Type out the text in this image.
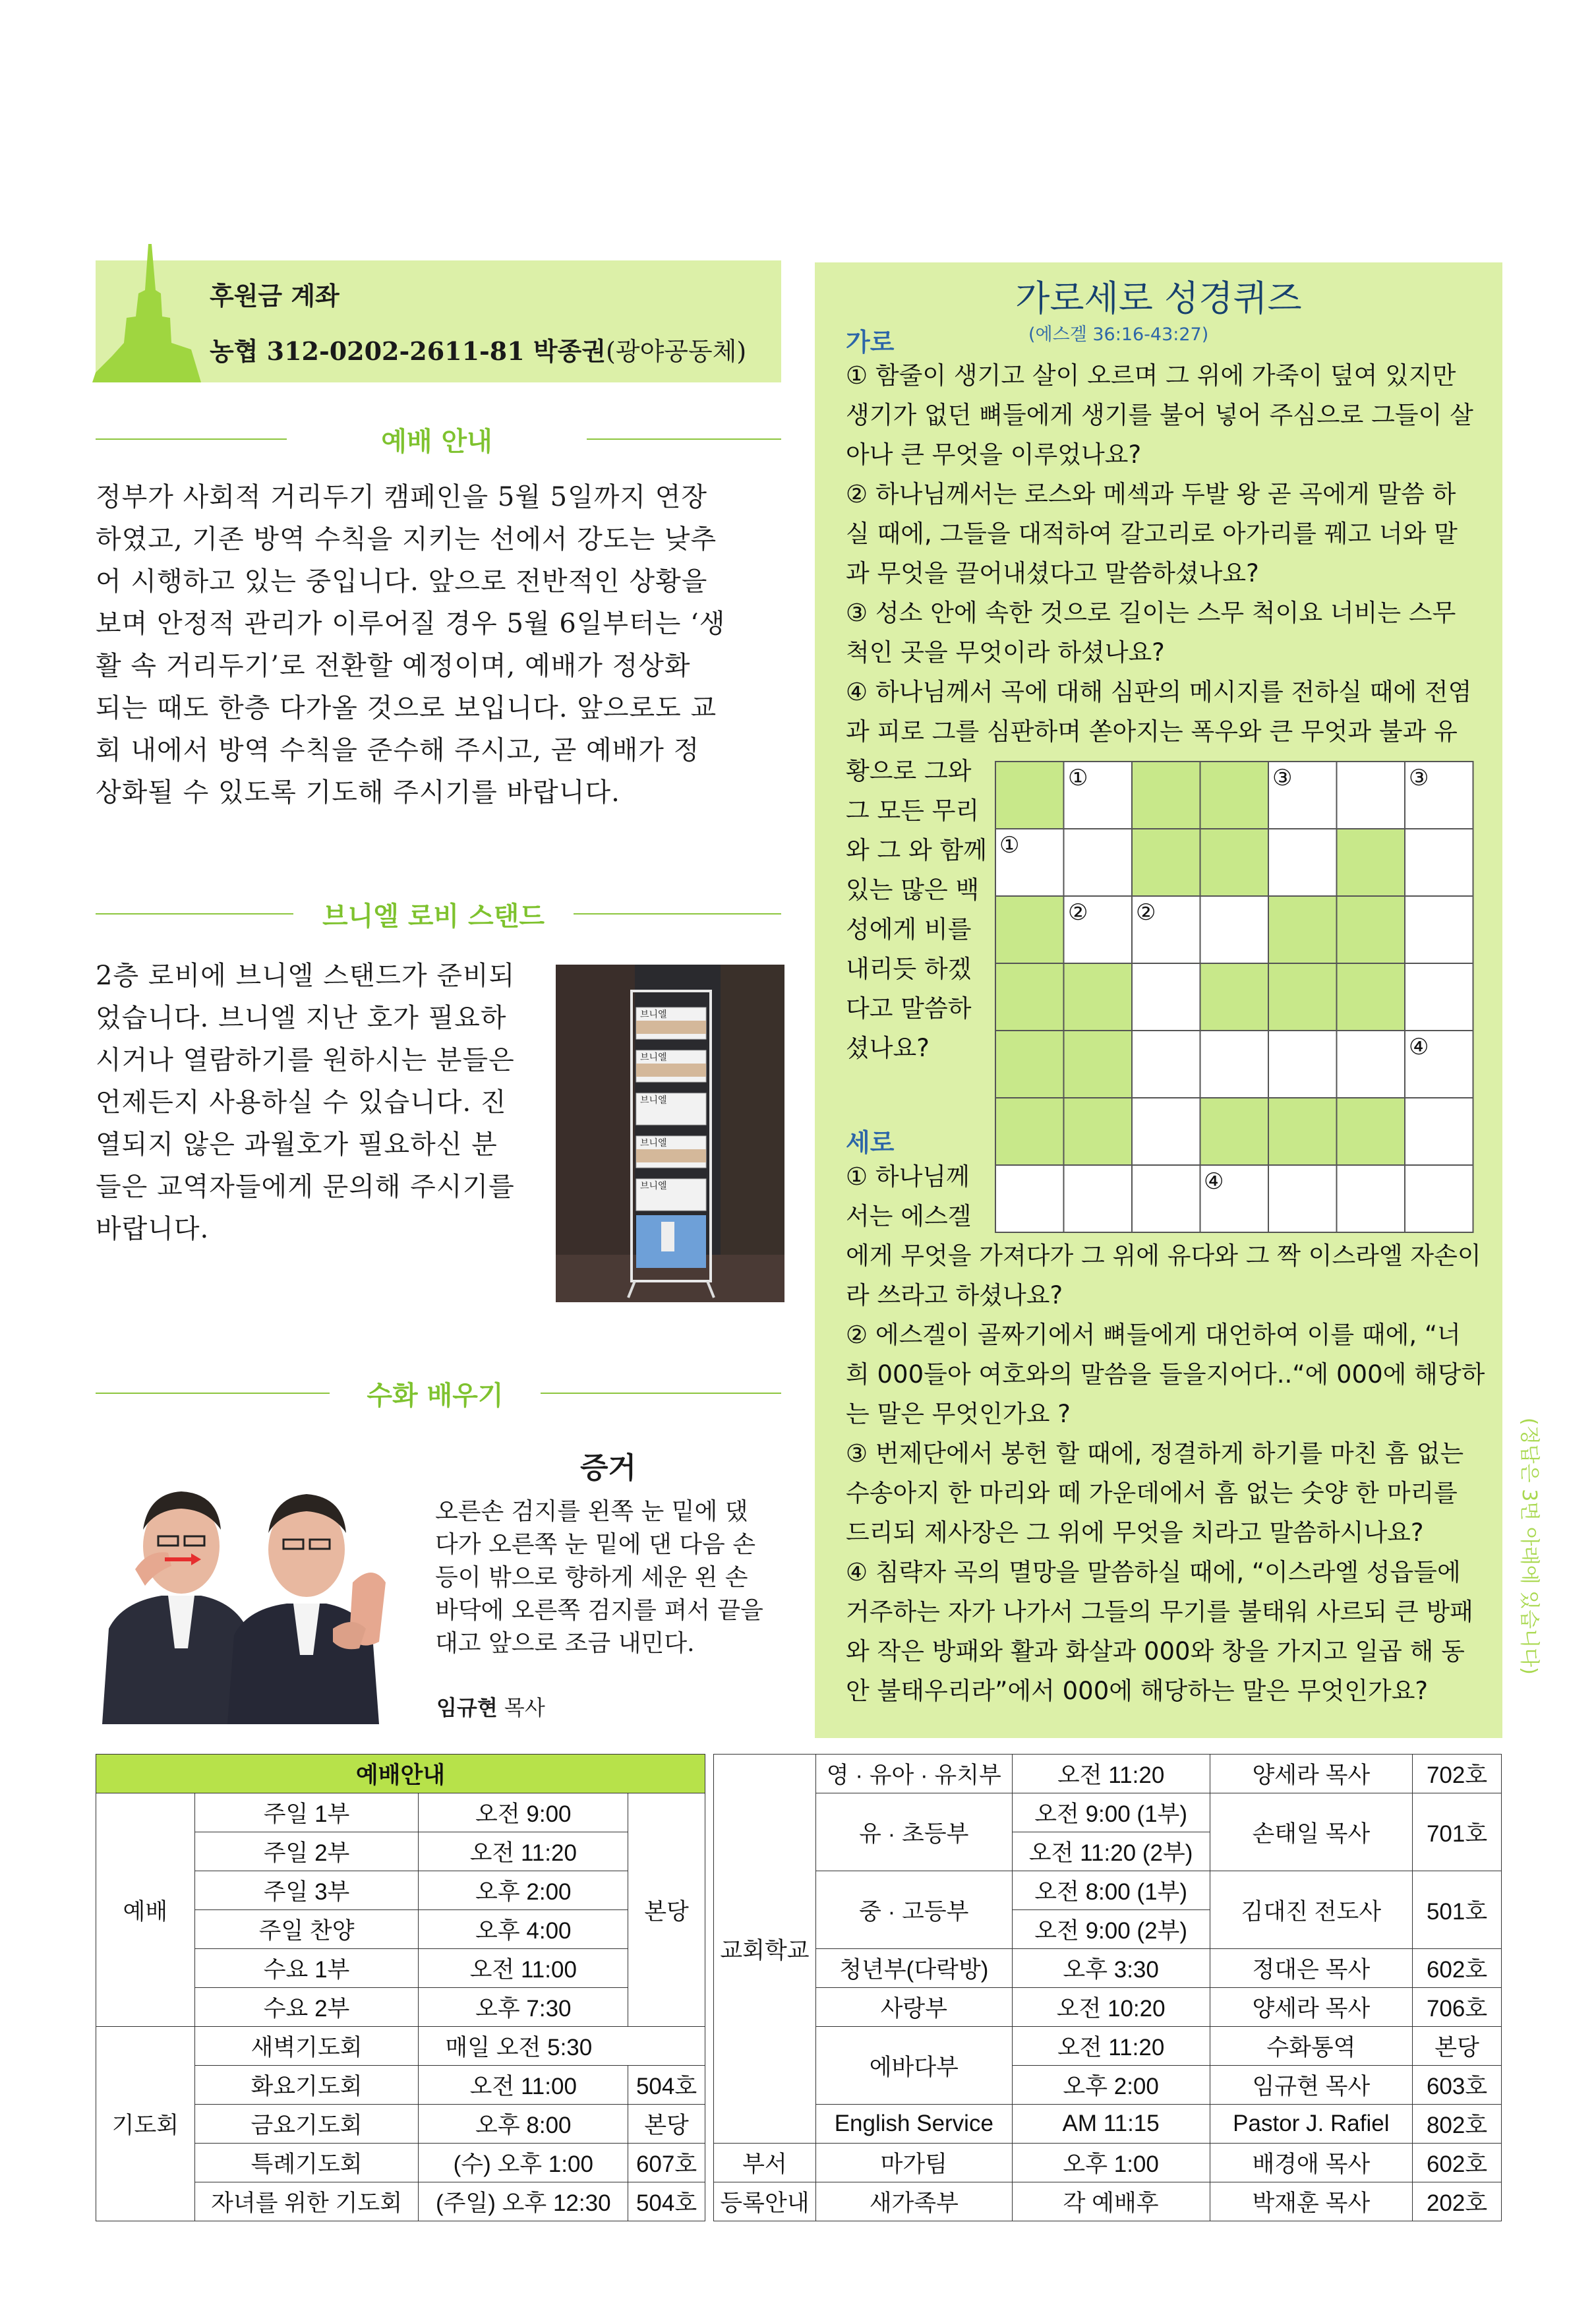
후원금 계좌
농협 312-0202-2611-81 박종권(광야공동체)
예배 안내
정부가 사회적 거리두기 캠페인을 5월 5일까지 연장
하였고, 기존 방역 수칙을 지키는 선에서 강도는 낮추
어 시행하고 있는 중입니다. 앞으로 전반적인 상황을
보며 안정적 관리가 이루어질 경우 5월 6일부터는 ‘생
활 속 거리두기’로 전환할 예정이며, 예배가 정상화
되는 때도 한층 다가올 것으로 보입니다. 앞으로도 교
회 내에서 방역 수칙을 준수해 주시고, 곧 예배가 정
상화될 수 있도록 기도해 주시기를 바랍니다.
브니엘 로비 스탠드
2층 로비에 브니엘 스탠드가 준비되
었습니다. 브니엘 지난 호가 필요하
시거나 열람하기를 원하시는 분들은
언제든지 사용하실 수 있습니다. 진
열되지 않은 과월호가 필요하신 분
들은 교역자들에게 문의해 주시기를
바랍니다.
브니엘
브니엘
브니엘
브니엘
브니엘
수화 배우기
증거
오른손 검지를 왼쪽 눈 밑에 댔
다가 오른쪽 눈 밑에 댄 다음 손
등이 밖으로 향하게 세운 왼 손
바닥에 오른쪽 검지를 펴서 끝을
대고 앞으로 조금 내민다.
임규현 목사
가로세로 성경퀴즈
(에스겔 36:16-43:27)
가로
① 함줄이 생기고 살이 오르며 그 위에 가죽이 덮여 있지만
생기가 없던 뼈들에게 생기를 불어 넣어 주심으로 그들이 살
아나 큰 무엇을 이루었나요?
② 하나님께서는 로스와 메섹과 두발 왕 곧 곡에게 말씀 하
실 때에, 그들을 대적하여 갈고리로 아가리를 꿰고 너와 말
과 무엇을 끌어내셨다고 말씀하셨나요?
③ 성소 안에 속한 것으로 길이는 스무 척이요 너비는 스무
척인 곳을 무엇이라 하셨나요?
④ 하나님께서 곡에 대해 심판의 메시지를 전하실 때에 전염
과 피로 그를 심판하며 쏟아지는 폭우와 큰 무엇과 불과 유
황으로 그와
그 모든 무리
와 그 와 함께
있는 많은 백
성에게 비를
내리듯 하겠
다고 말씀하
셨나요?
세로
① 하나님께
서는 에스겔
에게 무엇을 가져다가 그 위에 유다와 그 짝 이스라엘 자손이
라 쓰라고 하셨나요?
② 에스겔이 골짜기에서 뼈들에게 대언하여 이를 때에, “너
희 000들아 여호와의 말씀을 들을지어다..“에 000에 해당하
는 말은 무엇인가요 ?
③ 번제단에서 봉헌 할 때에, 정결하게 하기를 마친 흠 없는
수송아지 한 마리와 떼 가운데에서 흠 없는 숫양 한 마리를
드리되 제사장은 그 위에 무엇을 치라고 말씀하시나요?
④ 침략자 곡의 멸망을 말씀하실 때에, “이스라엘 성읍들에
거주하는 자가 나가서 그들의 무기를 불태워 사르되 큰 방패
와 작은 방패와 활과 화살과 000와 창을 가지고 일곱 해 동
안 불태우리라”에서 000에 해당하는 말은 무엇인가요?
①	③	③
①
② ②
④
④
(정답은 3면 아래에 있습니다)
예배안내			
예배	주일 1부	오전 9:00	본당
	주일 2부	오전 11:20	
	주일 3부	오후 2:00	
	주일 찬양	오후 4:00	
	수요 1부	오전 11:00	
	수요 2부	오후 7:30	
기도회	새벽기도회	매일 오전 5:30	
	화요기도회	오전 11:00	504호
	금요기도회	오후 8:00	본당
	특례기도회	(수) 오후 1:00	607호
	자녀를 위한 기도회	(주일) 오후 12:30	504호
교회학교	영 · 유아 · 유치부	오전 11:20	양세라 목사	702호
	유 · 초등부	오전 9:00 (1부)	손태일 목사	701호
		오전 11:20 (2부)		
	중 · 고등부	오전 8:00 (1부)	김대진 전도사	501호
		오전 9:00 (2부)		
	청년부(다락방)	오후 3:30	정대은 목사	602호
	사랑부	오전 10:20	양세라 목사	706호
	에바다부	오전 11:20	수화통역	본당
		오후 2:00	임규현 목사	603호
	English Service	AM 11:15	Pastor J. Rafiel	802호
부서	마가팀	오후 1:00	배경애 목사	602호
등록안내	새가족부	각 예배후	박재훈 목사	202호
